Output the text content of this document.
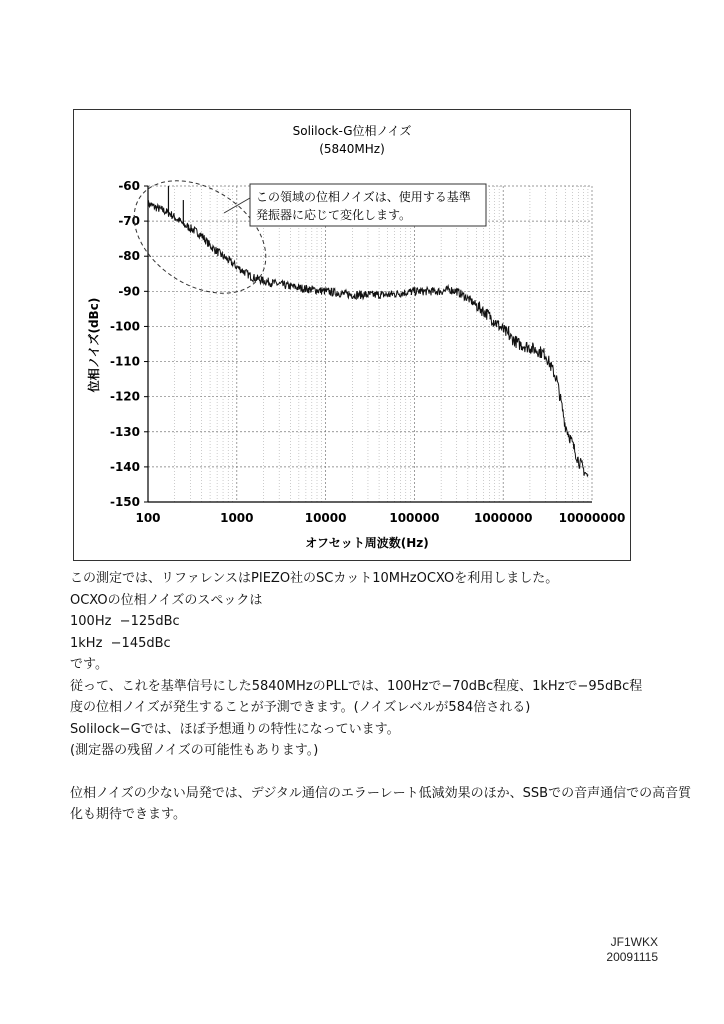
Solilock-G位相ノイズ
(5840MHz)
100	1000	10000	100000	1000000 10000000
-60
-70
-80
-90
-100
-110
-120
-130
-140
-150
この領域の位相ノイズは、使用する基準
発振器に応じて変化します。
オフセット周波数(Hz)
位相ノイズ(dBc)

この測定では、リファレンスはPIEZO社のSCカット10MHzOCXOを利用しました。

OCXOの位相ノイズのスペックは

100Hz  −125dBc

1kHz  −145dBc

です。

従って、これを基準信号にした5840MHzのPLLでは、100Hzで−70dBc程度、1kHzで−95dBc程

度の位相ノイズが発生することが予測できます。(ノイズレベルが584倍される)

Solilock−Gでは、ほぼ予想通りの特性になっています。

(測定器の残留ノイズの可能性もあります。)

位相ノイズの少ない局発では、デジタル通信のエラーレート低減効果のほか、SSBでの音声通信での高音質

化も期待できます。

JF1WKX
20091115
